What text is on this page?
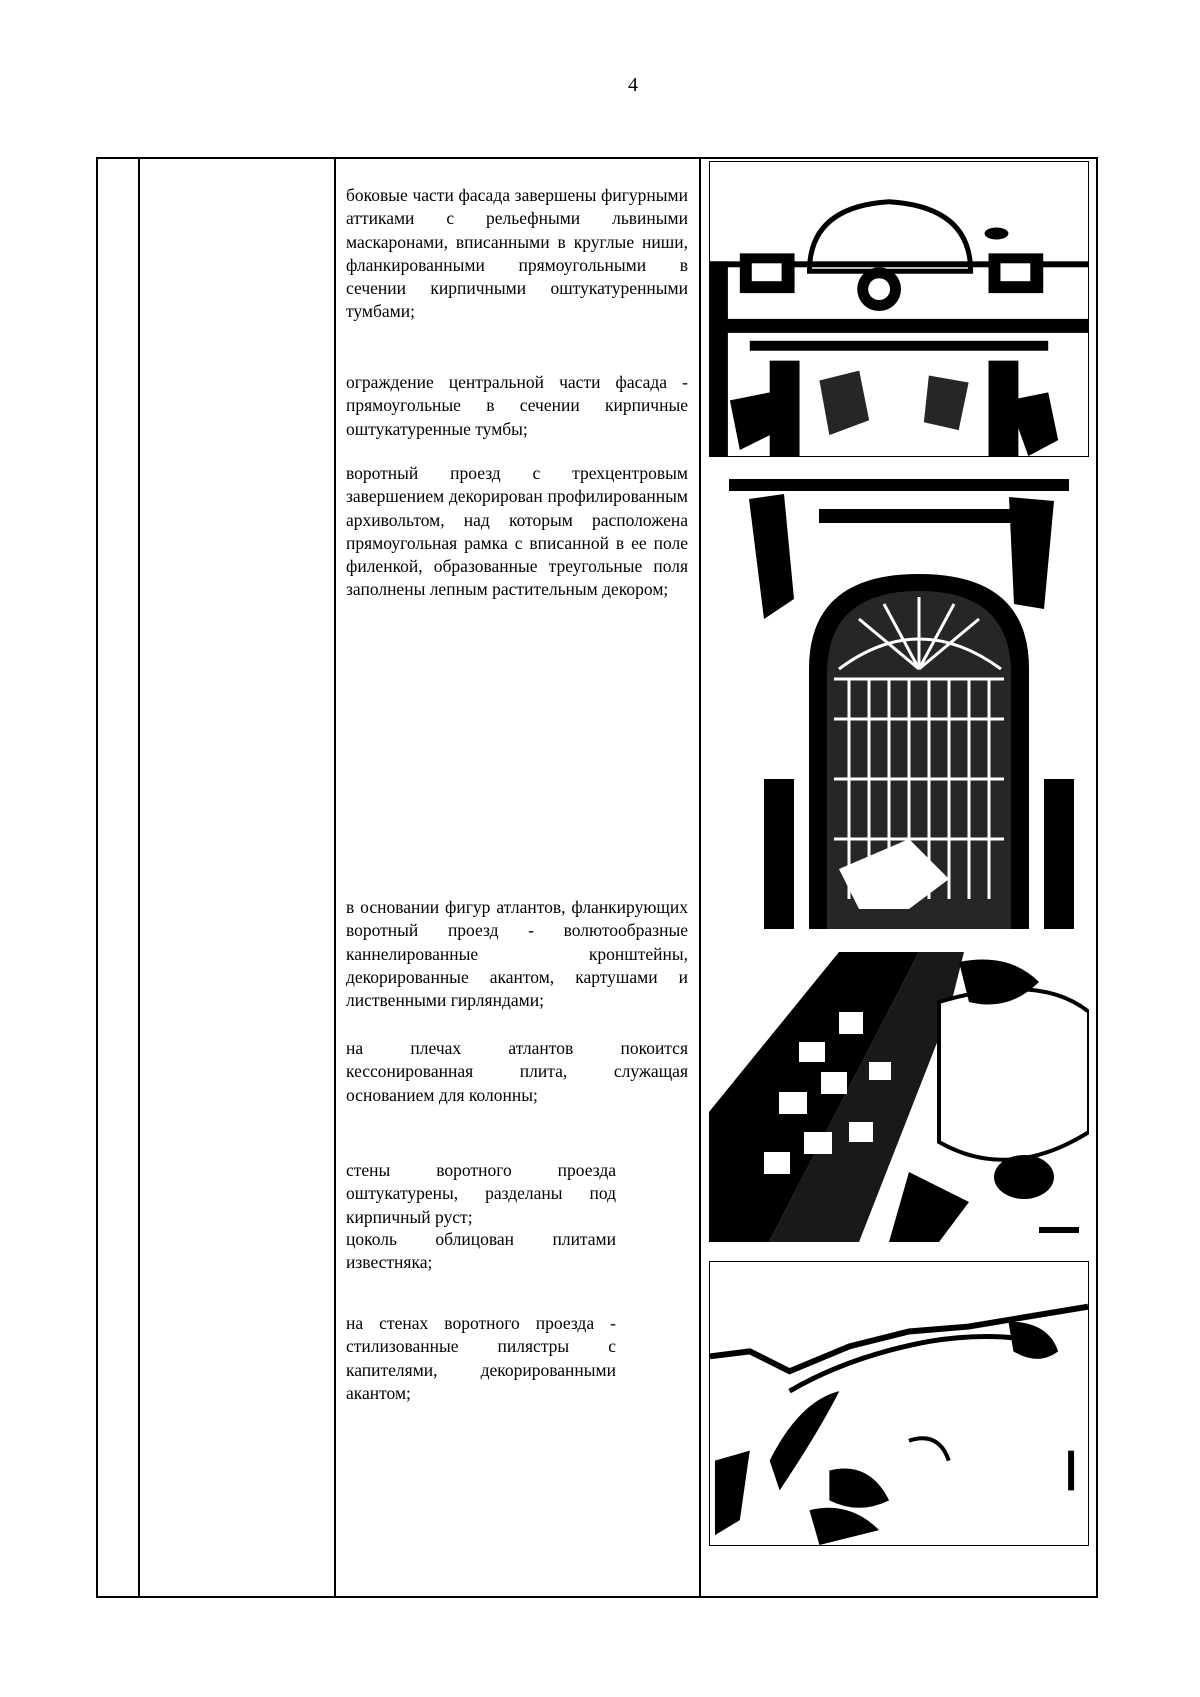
4
боковые части фасада завершены фигурными аттиками с рельефными львиными маскаронами, вписанными в круглые ниши, фланкированными прямоугольными в сечении кирпичными оштукатуренными тумбами;
ограждение центральной части фасада - прямоугольные в сечении кирпичные оштукатуренные тумбы;
воротный проезд с трехцентровым завершением декорирован профилированным архивольтом, над которым расположена прямоугольная рамка с вписанной в ее поле филенкой, образованные треугольные поля заполнены лепным растительным декором;
в основании фигур атлантов, фланкирующих воротный проезд - волютообразные каннелированные кронштейны, декорированные акантом, картушами и лиственными гирляндами;
на плечах атлантов покоится кессонированная плита, служащая основанием для колонны;
стены воротного проезда оштукатурены, разделаны под кирпичный руст;
цоколь облицован плитами известняка;
на стенах воротного проезда - стилизованные пилястры с капителями, декорированными акантом;
